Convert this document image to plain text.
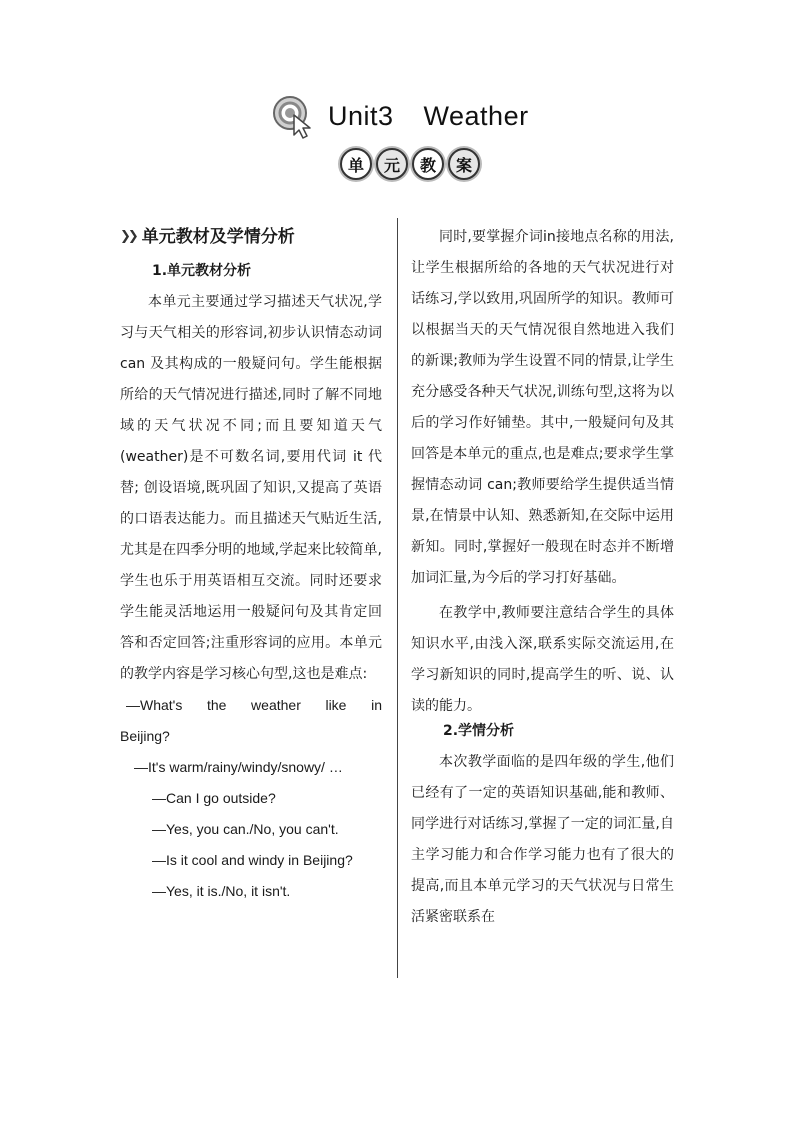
Unit3 Weather
单	元	教	案
❯❯ 单元教材及学情分析
1.单元教材分析

本单元主要通过学习描述天气状况,学习与天气相关的形容词,初步认识情态动词 can 及其构成的一般疑问句。学生能根据所给的天气情况进行描述,同时了解不同地域的天气状况不同;而且要知道天气(weather)是不可数名词,要用代词 it 代替; 创设语境,既巩固了知识,又提高了英语的口语表达能力。而且描述天气贴近生活,尤其是在四季分明的地域,学起来比较简单,学生也乐于用英语相互交流。同时还要求学生能灵活地运用一般疑问句及其肯定回答和否定回答;注重形容词的应用。本单元的教学内容是学习核心句型,这也是难点:

—What's the weather like in
Beijing?
—It's warm/rainy/windy/snowy/ …
—Can I go outside?
—Yes, you can./No, you can't.
—Is it cool and windy in Beijing?
—Yes, it is./No, it isn't.

同时,要掌握介词in接地点名称的用法,让学生根据所给的各地的天气状况进行对话练习,学以致用,巩固所学的知识。教师可以根据当天的天气情况很自然地进入我们的新课;教师为学生设置不同的情景,让学生充分感受各种天气状况,训练句型,这将为以后的学习作好铺垫。其中,一般疑问句及其回答是本单元的重点,也是难点;要求学生掌握情态动词 can;教师要给学生提供适当情景,在情景中认知、熟悉新知,在交际中运用新知。同时,掌握好一般现在时态并不断增加词汇量,为今后的学习打好基础。

在教学中,教师要注意结合学生的具体知识水平,由浅入深,联系实际交流运用,在学习新知识的同时,提高学生的听、说、认读的能力。

2.学情分析

本次教学面临的是四年级的学生,他们已经有了一定的英语知识基础,能和教师、同学进行对话练习,掌握了一定的词汇量,自主学习能力和合作学习能力也有了很大的提高,而且本单元学习的天气状况与日常生活紧密联系在
